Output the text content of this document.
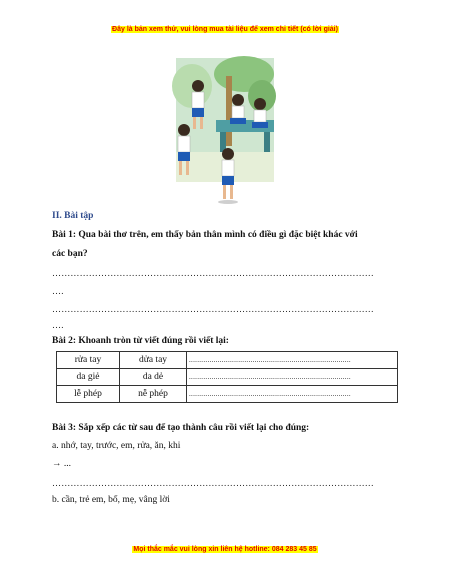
Đây là bản xem thử, vui lòng mua tài liệu để xem chi tiết (có lời giải)
II. Bài tập
Bài 1: Qua bài thơ trên, em thấy bản thân mình có điều gì đặc biệt khác với
các bạn?
……………………………………………………………………………………………
….
……………………………………………………………………………………………
….
Bài 2: Khoanh tròn từ viết đúng rồi viết lại:
rửa tay	dửa tay	...............................................................................
da giẻ	da dẻ	...............................................................................
lễ phép	nễ phép	...............................................................................
Bài 3: Sắp xếp các từ sau để tạo thành câu rồi viết lại cho đúng:
a. nhớ, tay, trước, em, rửa, ăn, khi
→ ...
……………………………………………………………………………………………
b. cần, trẻ em, bố, mẹ, vâng lời
Mọi thắc mắc vui lòng xin liên hệ hotline: 084 283 45 85
